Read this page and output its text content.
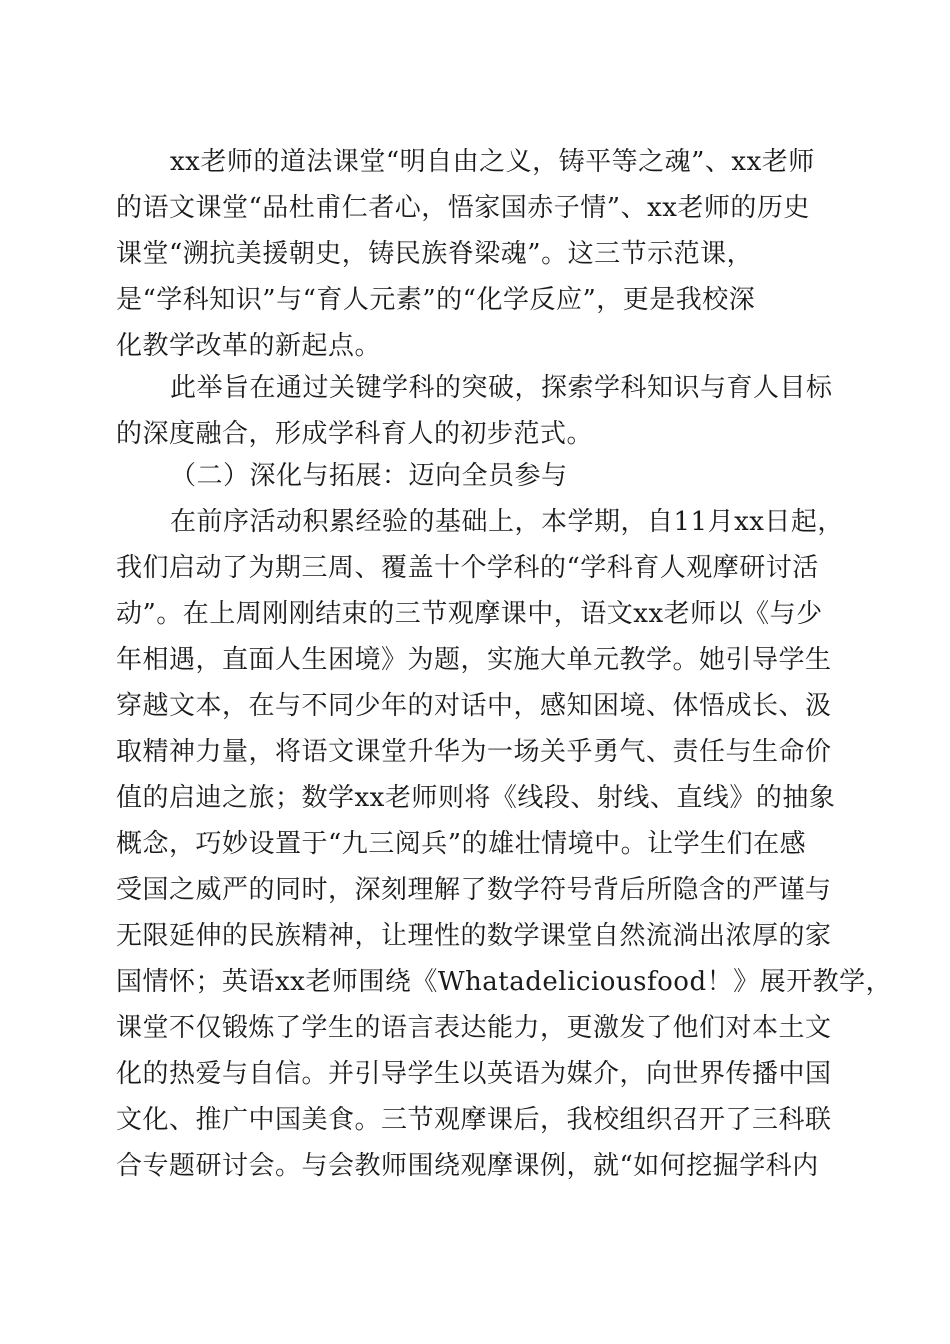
xx老师的道法课堂“明自由之义，铸平等之魂”、xx老师
的语文课堂“品杜甫仁者心，悟家国赤子情”、xx老师的历史
课堂“溯抗美援朝史，铸民族脊梁魂”。这三节示范课，
是“学科知识”与“育人元素”的“化学反应”，更是我校深
化教学改革的新起点。
此举旨在通过关键学科的突破，探索学科知识与育人目标
的深度融合，形成学科育人的初步范式。
（二）深化与拓展：迈向全员参与
在前序活动积累经验的基础上，本学期，自11月xx日起，
我们启动了为期三周、覆盖十个学科的“学科育人观摩研讨活
动”。在上周刚刚结束的三节观摩课中，语文xx老师以《与少
年相遇，直面人生困境》为题，实施大单元教学。她引导学生
穿越文本，在与不同少年的对话中，感知困境、体悟成长、汲
取精神力量，将语文课堂升华为一场关乎勇气、责任与生命价
值的启迪之旅；数学xx老师则将《线段、射线、直线》的抽象
概念，巧妙设置于“九三阅兵”的雄壮情境中。让学生们在感
受国之威严的同时，深刻理解了数学符号背后所隐含的严谨与
无限延伸的民族精神，让理性的数学课堂自然流淌出浓厚的家
国情怀；英语xx老师围绕《Whatadeliciousfood！》展开教学，
课堂不仅锻炼了学生的语言表达能力，更激发了他们对本土文
化的热爱与自信。并引导学生以英语为媒介，向世界传播中国
文化、推广中国美食。三节观摩课后，我校组织召开了三科联
合专题研讨会。与会教师围绕观摩课例，就“如何挖掘学科内
